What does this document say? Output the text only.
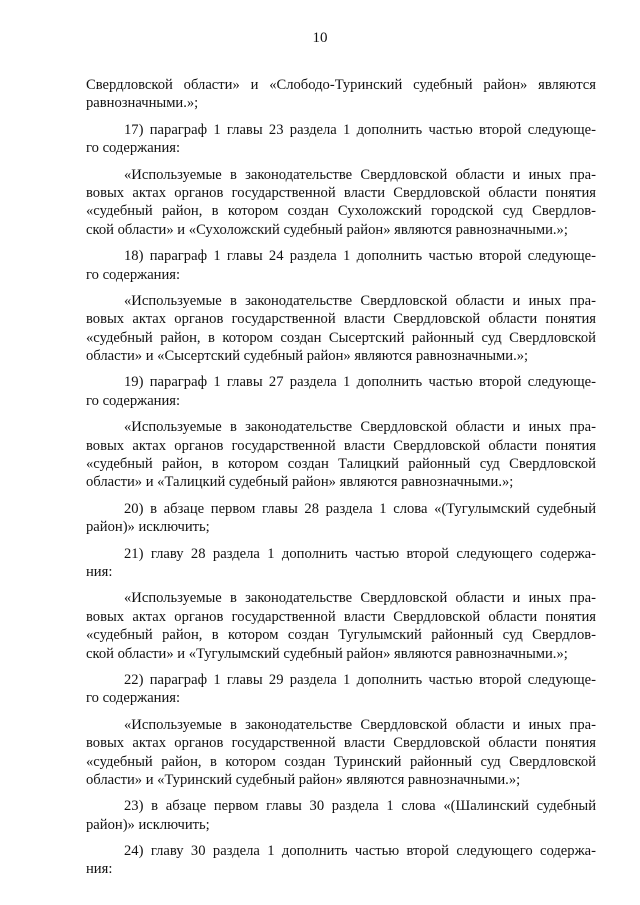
10
Свердловской области» и «Слободо-Туринский судебный район» являются
равнозначными.»;
17) параграф 1 главы 23 раздела 1 дополнить частью второй следующе-
го содержания:
«Используемые в законодательстве Свердловской области и иных пра-
вовых актах органов государственной власти Свердловской области понятия
«судебный район, в котором создан Сухоложский городской суд Свердлов-
ской области» и «Сухоложский судебный район» являются равнозначными.»;
18) параграф 1 главы 24 раздела 1 дополнить частью второй следующе-
го содержания:
«Используемые в законодательстве Свердловской области и иных пра-
вовых актах органов государственной власти Свердловской области понятия
«судебный район, в котором создан Сысертский районный суд Свердловской
области» и «Сысертский судебный район» являются равнозначными.»;
19) параграф 1 главы 27 раздела 1 дополнить частью второй следующе-
го содержания:
«Используемые в законодательстве Свердловской области и иных пра-
вовых актах органов государственной власти Свердловской области понятия
«судебный район, в котором создан Талицкий районный суд Свердловской
области» и «Талицкий судебный район» являются равнозначными.»;
20) в абзаце первом главы 28 раздела 1 слова «(Тугулымский судебный
район)» исключить;
21) главу 28 раздела 1 дополнить частью второй следующего содержа-
ния:
«Используемые в законодательстве Свердловской области и иных пра-
вовых актах органов государственной власти Свердловской области понятия
«судебный район, в котором создан Тугулымский районный суд Свердлов-
ской области» и «Тугулымский судебный район» являются равнозначными.»;
22) параграф 1 главы 29 раздела 1 дополнить частью второй следующе-
го содержания:
«Используемые в законодательстве Свердловской области и иных пра-
вовых актах органов государственной власти Свердловской области понятия
«судебный район, в котором создан Туринский районный суд Свердловской
области» и «Туринский судебный район» являются равнозначными.»;
23) в абзаце первом главы 30 раздела 1 слова «(Шалинский судебный
район)» исключить;
24) главу 30 раздела 1 дополнить частью второй следующего содержа-
ния:
